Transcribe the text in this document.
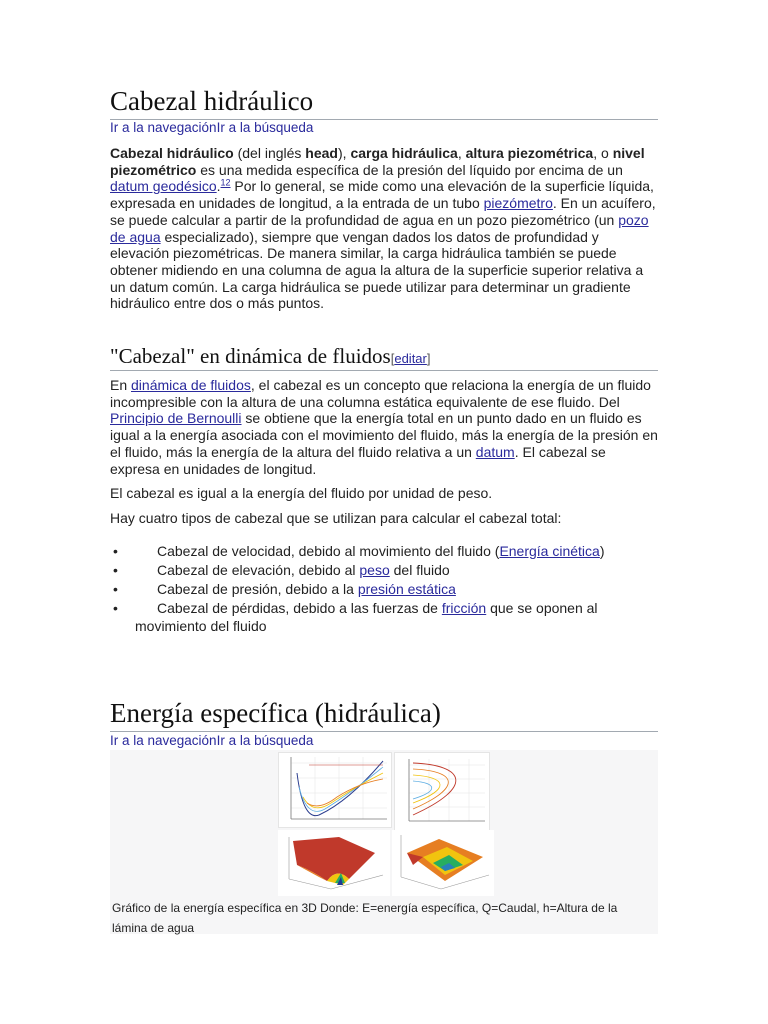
Cabezal hidráulico
Ir a la navegaciónIr a la búsqueda

Cabezal hidráulico (del inglés head), carga hidráulica, altura piezométrica, o nivel piezométrico es una medida específica de la presión del líquido por encima de un datum geodésico.$^{12}$ Por lo general, se mide como una elevación de la superficie líquida, expresada en unidades de longitud, a la entrada de un tubo piezómetro. En un acuífero, se puede calcular a partir de la profundidad de agua en un pozo piezométrico (un pozo de agua especializado), siempre que vengan dados los datos de profundidad y elevación piezométricas. De manera similar, la carga hidráulica también se puede obtener midiendo en una columna de agua la altura de la superficie superior relativa a un datum común. La carga hidráulica se puede utilizar para determinar un gradiente hidráulico entre dos o más puntos.

"Cabezal" en dinámica de fluidos[editar]

En dinámica de fluidos, el cabezal es un concepto que relaciona la energía de un fluido incompresible con la altura de una columna estática equivalente de ese fluido. Del Principio de Bernoulli se obtiene que la energía total en un punto dado en un fluido es igual a la energía asociada con el movimiento del fluido, más la energía de la presión en el fluido, más la energía de la altura del fluido relativa a un datum. El cabezal se expresa en unidades de longitud.

El cabezal es igual a la energía del fluido por unidad de peso.

Hay cuatro tipos de cabezal que se utilizan para calcular el cabezal total:

•	Cabezal de velocidad, debido al movimiento del fluido (Energía cinética)
•	Cabezal de elevación, debido al peso del fluido
•	Cabezal de presión, debido a la presión estática
•	Cabezal de pérdidas, debido a las fuerzas de fricción que se oponen al movimiento del fluido
Energía específica (hidráulica)
Ir a la navegaciónIr a la búsqueda
Gráfico de la energía específica en 3D Donde: E=energía específica, Q=Caudal, h=Altura de la lámina de agua
